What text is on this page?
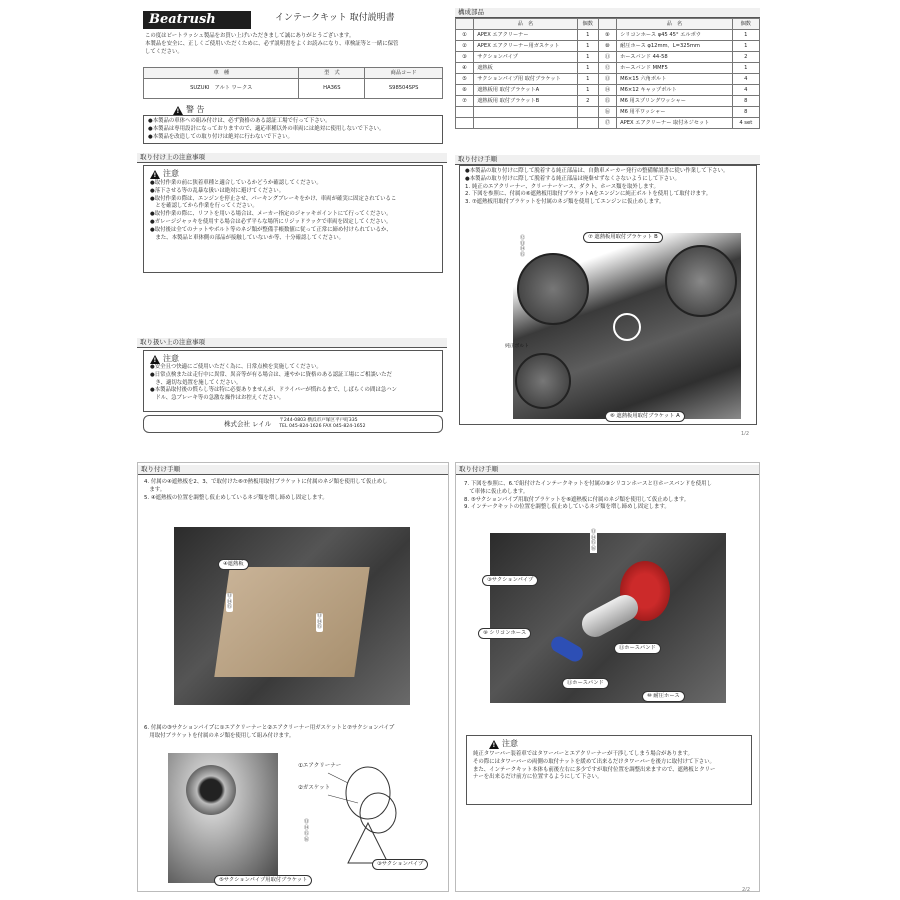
Beatrush	インテークキット 取付説明書
この度はビートラッシュ製品をお買い上げいただきまして誠にありがとうございます。
本製品を安全に、正しくご使用いただくために、必ず説明書をよくお読みになり、車検証等と一緒に保管
してください。
車　種	型　式	商品コード
SUZUKI　アルト ワークス	HA36S	S98504SPS
!
警 告
●本製品の車体への組み付けは、必ず資格のある認証工場で行って下さい。
●本製品は専用設計になっておりますので、適応車種以外の車両には絶対に使用しないで下さい。
●本製品を改造しての取り付けは絶対に行わないで下さい。
取り付け上の注意事項
!
注意
●取付作業の前に狭着車種と適合しているかどうか確認してください。
●落下させる等の乱暴な扱いは絶対に避けてください。
●取付作業の際は、エンジンを停止させ、パーキングブレーキをかけ、車両が確実に固定されているこ
　とを確認してから作業を行ってください。
●取付作業の際に、リフトを用いる場合は、メーカー指定のジャッキポイントにて行ってください。
●ガレージジャッキを使用する場合は必ず平らな場所にリジッドラックで車両を固定してください。
●取付後は全てのナットやボルト等のネジ類が整備手帳数値に従って正常に締め付けられているか、
　また、本製品と車体側の部品が接触していないか等、十分確認してください。
取り扱い上の注意事項
!
注意
●安全且つ快適にご使用いただく為に、日常点検を実施してください。
●日常点検または走行中に異常、異音等が有る場合は、速やかに資格のある認証工場にご相談いただ
　き、適切な処置を施してください。
●本製品取付後の慣らし等は特に必要ありませんが、ドライバーが慣れるまで、しばらくの間は急ハン
　ドル、急ブレーキ等の急激な操作はお控えください。
株式会社 レイル 〒244-0803 横浜市戸塚区平戸町335
TEL 045-824-1626 FAX 045-824-1652
構成部品
	品　名	個数		品　名	個数
①	APEX エアクリーナー	1	⑨	シリコンホース φ45 45° エルボウ	1
②	APEX エアクリーナー用ガスケット	1	⑩	耐圧ホース φ12mm、L=325mm	1
③	サクションパイプ	1	⑪	ホースバンド 44-58	2
④	遮熱板	1	⑫	ホースバンド MMF5	1
⑤	サクションパイプ用 取付ブラケット	1	⑬	M6×15 六角ボルト	4
⑥	遮熱板用 取付ブラケットA	1	⑭	M6×12 キャップボルト	4
⑦	遮熱板用 取付ブラケットB	2	⑮	M6 用スプリングワッシャー	8
			⑯	M6 用平ワッシャー	8
			⑰	APEX エアクリーナー 取付ネジセット	4 set
取り付け手順
●本製品の取り付けに際して脱着する純正部品は、自動車メーカー発行の整備解説書に従い作業して下さい。
●本製品の取り付けに際して脱着する純正部品は廃棄せずなくさないようにして下さい。
1. 純正のエアクリーナー、クリーナーケース、ダクト、ホース類を取外します。
2. 下図を参照に、付属の⑥遮熱板用取付ブラケットAをエンジンに純正ボルトを使用して取付けます。
3. ⑦遮熱板用取付ブラケットを付属のネジ類を使用してエンジンに仮止めします。
⑦ 遮熱板用取付ブラケット B
純正ボルト
⑥ 遮熱板用取付ブラケット A
⑫
⑬
⑭
⑮
1/2
取り付け手順
4. 付属の④遮熱板を2、3、で取付けた⑥⑦熱板用取付ブラケットに付属のネジ類を使用して仮止めし
　ます。
5. ④遮熱板の位置を調整し仮止めしているネジ類を増し締めし固定します。
④遮熱板
⑬
⑭
⑮
⑬
⑭
⑮
6. 付属の③サクションパイプに①エアクリーナーと②エアクリーナー用ガスケットと⑦サクションパイプ
　用取付ブラケットを付属のネジ類を使用して組み付けます。
①エアクリーナー
②ガスケット
③サクションパイプ
⑤サクションパイプ用取付ブラケット
⑬
⑭
⑮
⑯
取り付け手順
7. 下図を参照に、6.で組付けたインテークキットを付属の⑨シリコンホースと⑪ホースバンドを使用し
　て車体に仮止めします。
8. ⑤サクションパイプ用取付ブラケットを⑥遮熱板に付属のネジ類を使用して仮止めします。
9. インテークキットの位置を調整し仮止めしているネジ類を増し締めし固定します。
③サクションパイプ
⑨ シリコンホース
⑪ホースバンド
⑪ホースバンド
⑩ 耐圧ホース
⑬
⑭
⑮
⑯
!
注意
純正タワーバー装着車ではタワーバーとエアクリーナーが干渉してしまう場合があります。
その際にはタワーバーの両側の取付ナットを緩めて出来るだけタワーバーを後方に取付けて下さい。
また、インテークキット本体も前後左右に多少ですが取付位置を調整出来ますので、遮熱板とクリー
ナーを出来るだけ前方に位置するようにして下さい。
2/2
